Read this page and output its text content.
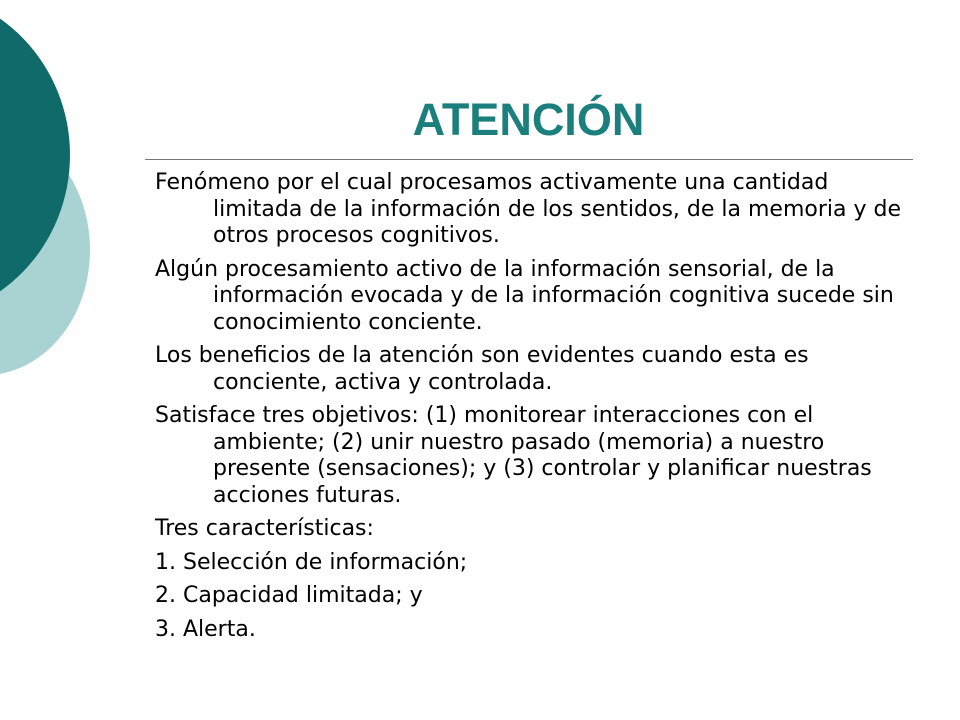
ATENCIÓN
Fenómeno por el cual procesamos activamente una cantidad limitada de la información de los sentidos, de la memoria y de otros procesos cognitivos.
Algún procesamiento activo de la información sensorial, de la información evocada y de la información cognitiva sucede sin conocimiento conciente.
Los beneficios de la atención son evidentes cuando esta es conciente, activa y controlada.
Satisface tres objetivos: (1) monitorear interacciones con el ambiente; (2) unir nuestro pasado (memoria) a nuestro presente (sensaciones); y (3) controlar y planificar nuestras acciones futuras.
Tres características:
1. Selección de información;
2. Capacidad limitada; y
3. Alerta.
